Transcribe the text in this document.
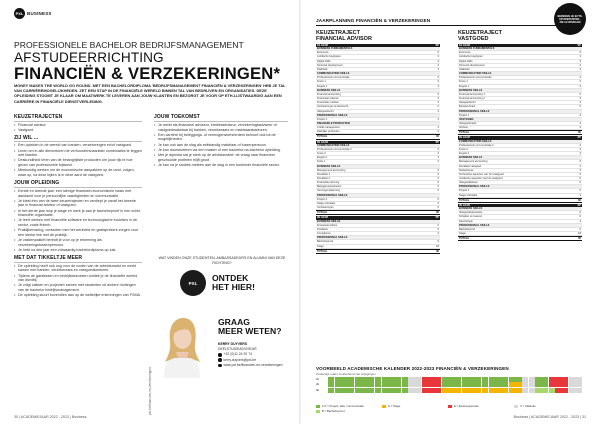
PXL BUSINESS
PROFESSIONELE BACHELOR BEDRIJFSMANAGEMENT
AFSTUDEERRICHTING
FINANCIËN & VERZEKERINGEN*
MONEY MAKES THE WORLD GO ROUND. MET EEN BACHELORDIPLOMA 'BEDRIJFSMANAGEMENT FINANCIËN & VERZEKERINGEN' HEB JE TAL VAN CARRIÈREMOGELIJKHEDEN. ZET EEN STAP IN DE FINANCIËLE WERELD BINNEN TAL VAN BEDRIJVEN EN ORGANISATIES. DEZE OPLEIDING STOOMT JE KLAAR OM MAATWERK TE LEVEREN AAN JOUW KLANTEN EN BEZORGT JE VOOR OP ETH-LIJSTWAARDIG AAN EEN CARRIÈRE IN FINANCIËLE DIENSTVERLENING.
KEUZETRAJECTEN
• Financial advisor
• Vastgoed
ZIJ WIL ...
• Een opleiden in de wereld van banken, verzekeringen en/of vastgoed.
• Leren om in alle dieventuren de verhuurdersnaarlater combinaties te leggen met klanten.
• Deskundiheid leren van de belangrijkste producten om jouw rijk te hoe geven van professionele bijstand.
• Meekundig werken om de economische aanpakken op de rand, volgen, waar op, na deze kijken is in deze aard de vastgoed.
JOUW OPLEIDING
• Eerste en tweede jaar: een stevige financieel-economische basis met aandacht voor je persoonlijke vaardigheden en communicatie.
• Je kiest één van de twee keuzetrajecten en verdiept je vanaf het tweede jaar in financial advisor of vastgoed.
• In het derde jaar loop je stage en werk je aan je bachelorproef in een echte financiële organisatie.
• Je leert werken met financiële software en technologische evoluties in de sector, zoals fintech.
• Praktijkervaring, contacten met het werkveld en gastsprekers zorgen voor een sterke link met de praktijk.
• Je vakkenpakket bereidt je voor op je erkenning als verzekeringstussenpersoon.
• Je hebt na drie jaar een volwaardig bachelordiploma op zak.
MET DAT TIKKELTJE MEER
• De opleiding heeft ook oog voor de noden van de arbeidsmarkt en werkt samen met banken, verzekeraars en vastgoedkantoren.
• Tijdens de gastlessen en bedrijfsbezoeken ontdek je de financiële wereld van dichtbij.
• Je volgt vakken en projecten samen met studenten uit andere richtingen van de bachelor bedrijfsmanagement.
• De opleiding stuurt bovendien aan op de wettelijke erkenningen van FSMA.
JOUW TOEKOMST
• Je werkt als financieel adviseur, kredietadviseur, verzekeringsadviseur of vastgoedmakelaar bij banken, verzekeraars en makelaarskantoren.
• Een carrière bij beleggings- of vermogensbeheerders behoort ook tot de mogelijkheden.
• Je kan ook aan de slag als zelfstandig makelaar of tussenpersoon.
• Je kan doorstuderen via een master of een bachelor-na-bachelor opleiding.
• Met je diploma sta je sterk op de arbeidsmarkt: de vraag naar financieel geschoolde profielen blijft groot.
• Je kan na je studies meteen aan de slag in een boeiende financiële sector.
WAT VINDEN ONZE STUDENTEN, AMBASSADEURS EN ALUMNI VAN DEZE RICHTING?
PXL
ONTDEK
HET HIER!
pxl.be/financien-en-verzekeringen
GRAAG
MEER WETEN?
KERRY DUYVERS
DEELSTUDIEADVISEUR
+32 (0)11 24 92 74
kerry.duyvers@pxl.be
www.pxl.be/financien-en-verzekeringen
30 | ACADEMIEJAAR 2022 - 2023 | Business
JAARPLANNING FINANCIËN & VERZEKERINGEN
BEREKEN JE ECTS-STUDIEPUNTEN · ZIE ACHTERAAN
KEUZETRAJECT
FINANCIAL ADVISOR
1E JAAR	SP
BUSINESS FUNDAMENTALS
Economie	6
Juridische begrippen	3
Digital skills	3
Personal development	3
Statistiek	3
COMMUNICATION SKILLS
Professionele communicatie	3
Frans 1	3
Engels 1	3
BUSINESS SKILLS
Financial accounting	6
Financieel rekenen	3
Financiële markten	3
Verzekeringen & bankrecht	6
Vastgoedrecht	3
PROFESSIONAL SKILLS
Project 1	3
FINANCIËLE PRODUCTEN
Credit management	3
Zakelijke producten	3
TOTAAL	60
2E JAAR	SP
COMMUNICATION SKILLS
Professionele communicatie 2	3
Frans 2	3
Engels 2	3
Duits 1	3
BUSINESS SKILLS
Management accounting	6
Fiscaliteit 1	3
Fiscaliteit 2	3
Financiële planning	6
Beleggingsproducten	6
Vermogensplanning	6
PROFESSIONAL SKILLS
Project 2	6
Stage oriëntatie	3
Verzekeringen	6
TOTAAL	60
3E JAAR	SP
BUSINESS SKILLS
Financieel advies	6
Kredieten	6
Compliance	3
PROFESSIONAL SKILLS
Bachelorproef	9
Stage	18
TOTAAL	60
KEUZETRAJECT
VASTGOED
1E JAAR	SP
BUSINESS FUNDAMENTALS
Economie	6
Juridische begrippen	3
Digital skills	3
Personal development	3
Statistiek	3
COMMUNICATION SKILLS
Professionele communicatie	3
Frans 1	3
Engels 1	3
BUSINESS SKILLS
Financial accounting 1	6
Financial accounting 2	3
Vastgoedrecht	3
Bouwtechniek	6
PROFESSIONAL SKILLS
Project 1	3
VASTGOED
Vastgoedmarkt	3
Verhuur	3
TOTAAL	60
2E JAAR	SP
COMMUNICATION SKILLS
Professionele communicatie 2	3
Frans 2	3
Engels 2	3
BUSINESS SKILLS
Management accounting	6
Fiscaliteit vastgoed	3
Stedenbouw	3
Technische aspecten van het vastgoed	6
Juridische aspecten van het vastgoed	6
Vastgoedbeheer	6
PROFESSIONAL SKILLS
Project 2	6
Stage oriëntatie	3
TOTAAL	60
3E JAAR	SP
BUSINESS SKILLS
Vastgoedtransacties	6
Schatten en taxeren	6
Deontologie	3
PROFESSIONAL SKILLS
Bachelorproef	9
Stage	18
TOTAAL	60
VOORBEELD ACADEMISCHE KALENDER 2022-2023 FINANCIËN & VERZEKERINGEN
Onderwijs onder voorbehoud van wijzigingen
1E
2E
3E
1-P = Project, labo, communicatie	S = Stage	E = Examenperiode	V = Vakantie
B = Bachelorproef
Business | ACADEMIEJAAR 2022 - 2023 | 31
